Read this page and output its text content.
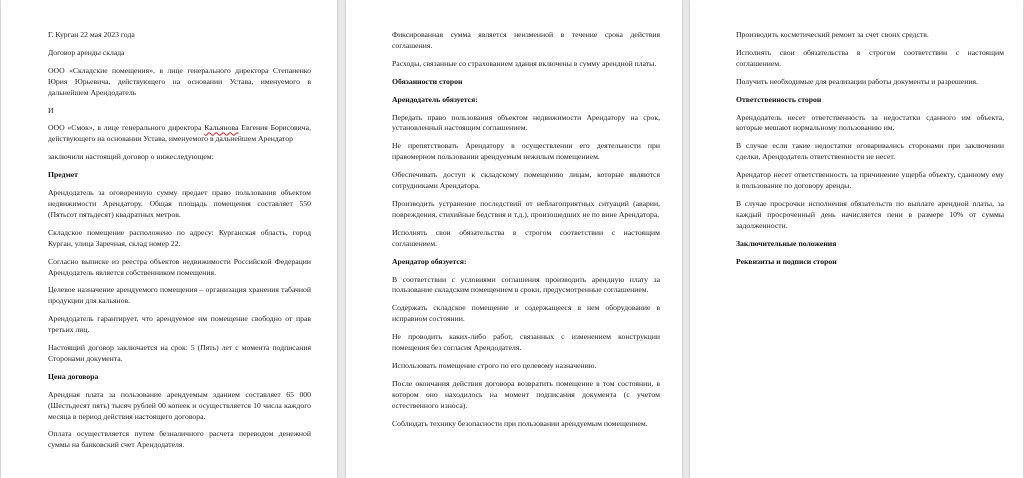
Г. Курган 22 мая 2023 года

Договор аренды склада

ООО «Складские помещения», в лице генерального директора Степаненко Юрия Юрьевича, действующего на основании Устава, именуемого в дальнейшем Арендодатель

И

ООО «Смок», в лице генерального директора Кальянова Евгения Борисовича, действующего на основании Устава, именуемого в дальнейшем Арендатор

заключили настоящий договор о нижеследующем:

Предмет

Арендодатель за оговоренную сумму предает право пользования объектом недвижимости Арендатору. Общая площадь помещения составляет 550 (Пятьсот пятьдесят) квадратных метров.

Складское помещение расположено по адресу: Курганская область, город Курган, улица Заречная, склад номер 22.

Согласно выписке из реестра объектов недвижимости Российской Федерации Арендодатель является собственником помещения.

Целевое назначение арендуемого помещения – организация хранения табачной продукции для кальянов.

Арендодатель гарантирует, что арендуемое им помещение свободно от прав третьих лиц.

Настоящий договор заключается на срок: 5 (Пять) лет с момента подписания Сторонами документа.

Цена договора

Арендная плата за пользование арендуемым зданием составляет 65 000 (Шестьдесят пять) тысяч рублей 00 копеек и осуществляется 10 числа каждого месяца в период действия настоящего договора.

Оплата осуществляется путем безналичного расчета переводом денежной суммы на банковский счет Арендодателя.

Фиксированная сумма является неизменной в течение срока действия соглашения.

Расходы, связанные со страхованием здания включены в сумму арендной платы.

Обязанности сторон

Арендодатель обязуется:

Передать право пользования объектом недвижимости Арендатору на срок, установленный настоящим соглашением.

Не препятствовать Арендатору в осуществлении его деятельности при правомерном пользовании арендуемым нежилым помещением.

Обеспечивать доступ к складскому помещению лицам, которые являются сотрудниками Арендатора.

Производить устранение последствий от неблагоприятных ситуаций (аварии, повреждения, стихийные бедствия и т.д.), произошедших не по вине Арендатора.

Исполнять свои обязательства в строгом соответствии с настоящим соглашением.

Арендатор обязуется:

В соответствии с условиями соглашения производить арендную плату за пользование складским помещением в сроки, предусмотренные соглашением.

Содержать складское помещение и содержащееся в нем оборудование в исправном состоянии.

Не проводить каких-либо работ, связанных с изменением конструкции помещения без согласия Арендодателя.

Использовать помещение строго по его целевому назначению.

После окончания действия договора возвратить помещение в том состоянии, в котором оно находилось на момент подписания документа (с учетом естественного износа).

Соблюдать технику безопасности при пользовании арендуемым помещением.

Производить косметический ремонт за счет своих средств.

Исполнять свои обязательства в строгом соответствии с настоящим соглашением.

Получить необходимые для реализации работы документы и разрешения.

Ответственность сторон

Арендодатель несет ответственность за недостатки сданного им объекта, которые мешают нормальному пользованию им.

В случае если такие недостатки оговаривались сторонами при заключении сделки, Арендодатель ответственности не несет.

Арендатор несет ответственность за причинение ущерба объекту, сданному ему в пользование по договору аренды.

В случае просрочки исполнения обязательств по выплате арендной платы, за каждый просроченный день начисляется пени в размере 10% от суммы задолженности.

Заключительные положения

Реквизиты и подписи сторон
